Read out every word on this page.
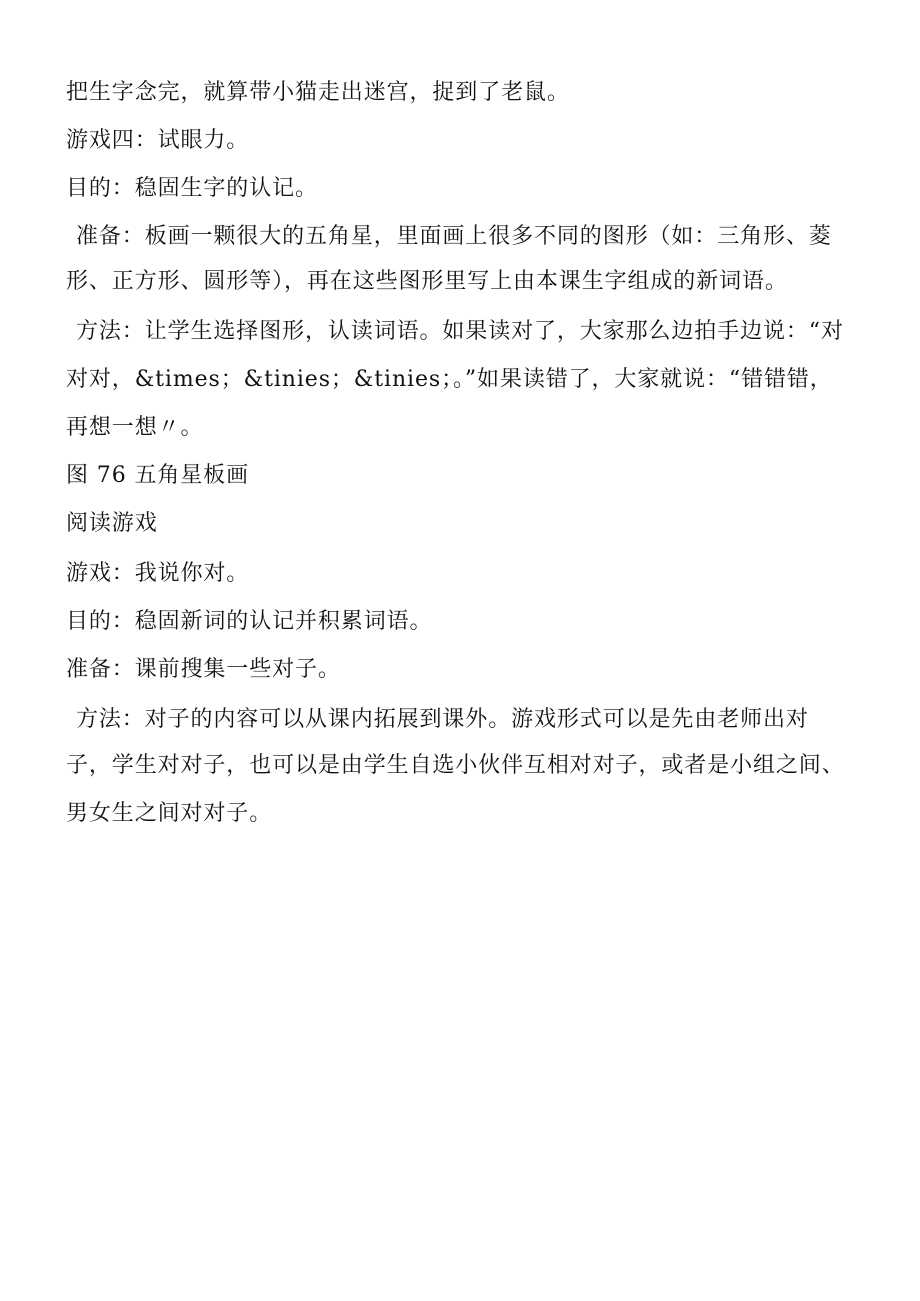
把生字念完，就算带小猫走出迷宫，捉到了老鼠。
游戏四：试眼力。
目的：稳固生字的认记。
准备：板画一颗很大的五角星，里面画上很多不同的图形（如：三角形、菱
形、正方形、圆形等），再在这些图形里写上由本课生字组成的新词语。
方法：让学生选择图形，认读词语。如果读对了，大家那么边拍手边说：“对
对对，&times；&tinies；&tinies；。”如果读错了，大家就说：“错错错，
再想一想〃。
图 76 五角星板画
阅读游戏
游戏：我说你对。
目的：稳固新词的认记并积累词语。
准备：课前搜集一些对子。
方法：对子的内容可以从课内拓展到课外。游戏形式可以是先由老师出对
子，学生对对子，也可以是由学生自选小伙伴互相对对子，或者是小组之间、
男女生之间对对子。
